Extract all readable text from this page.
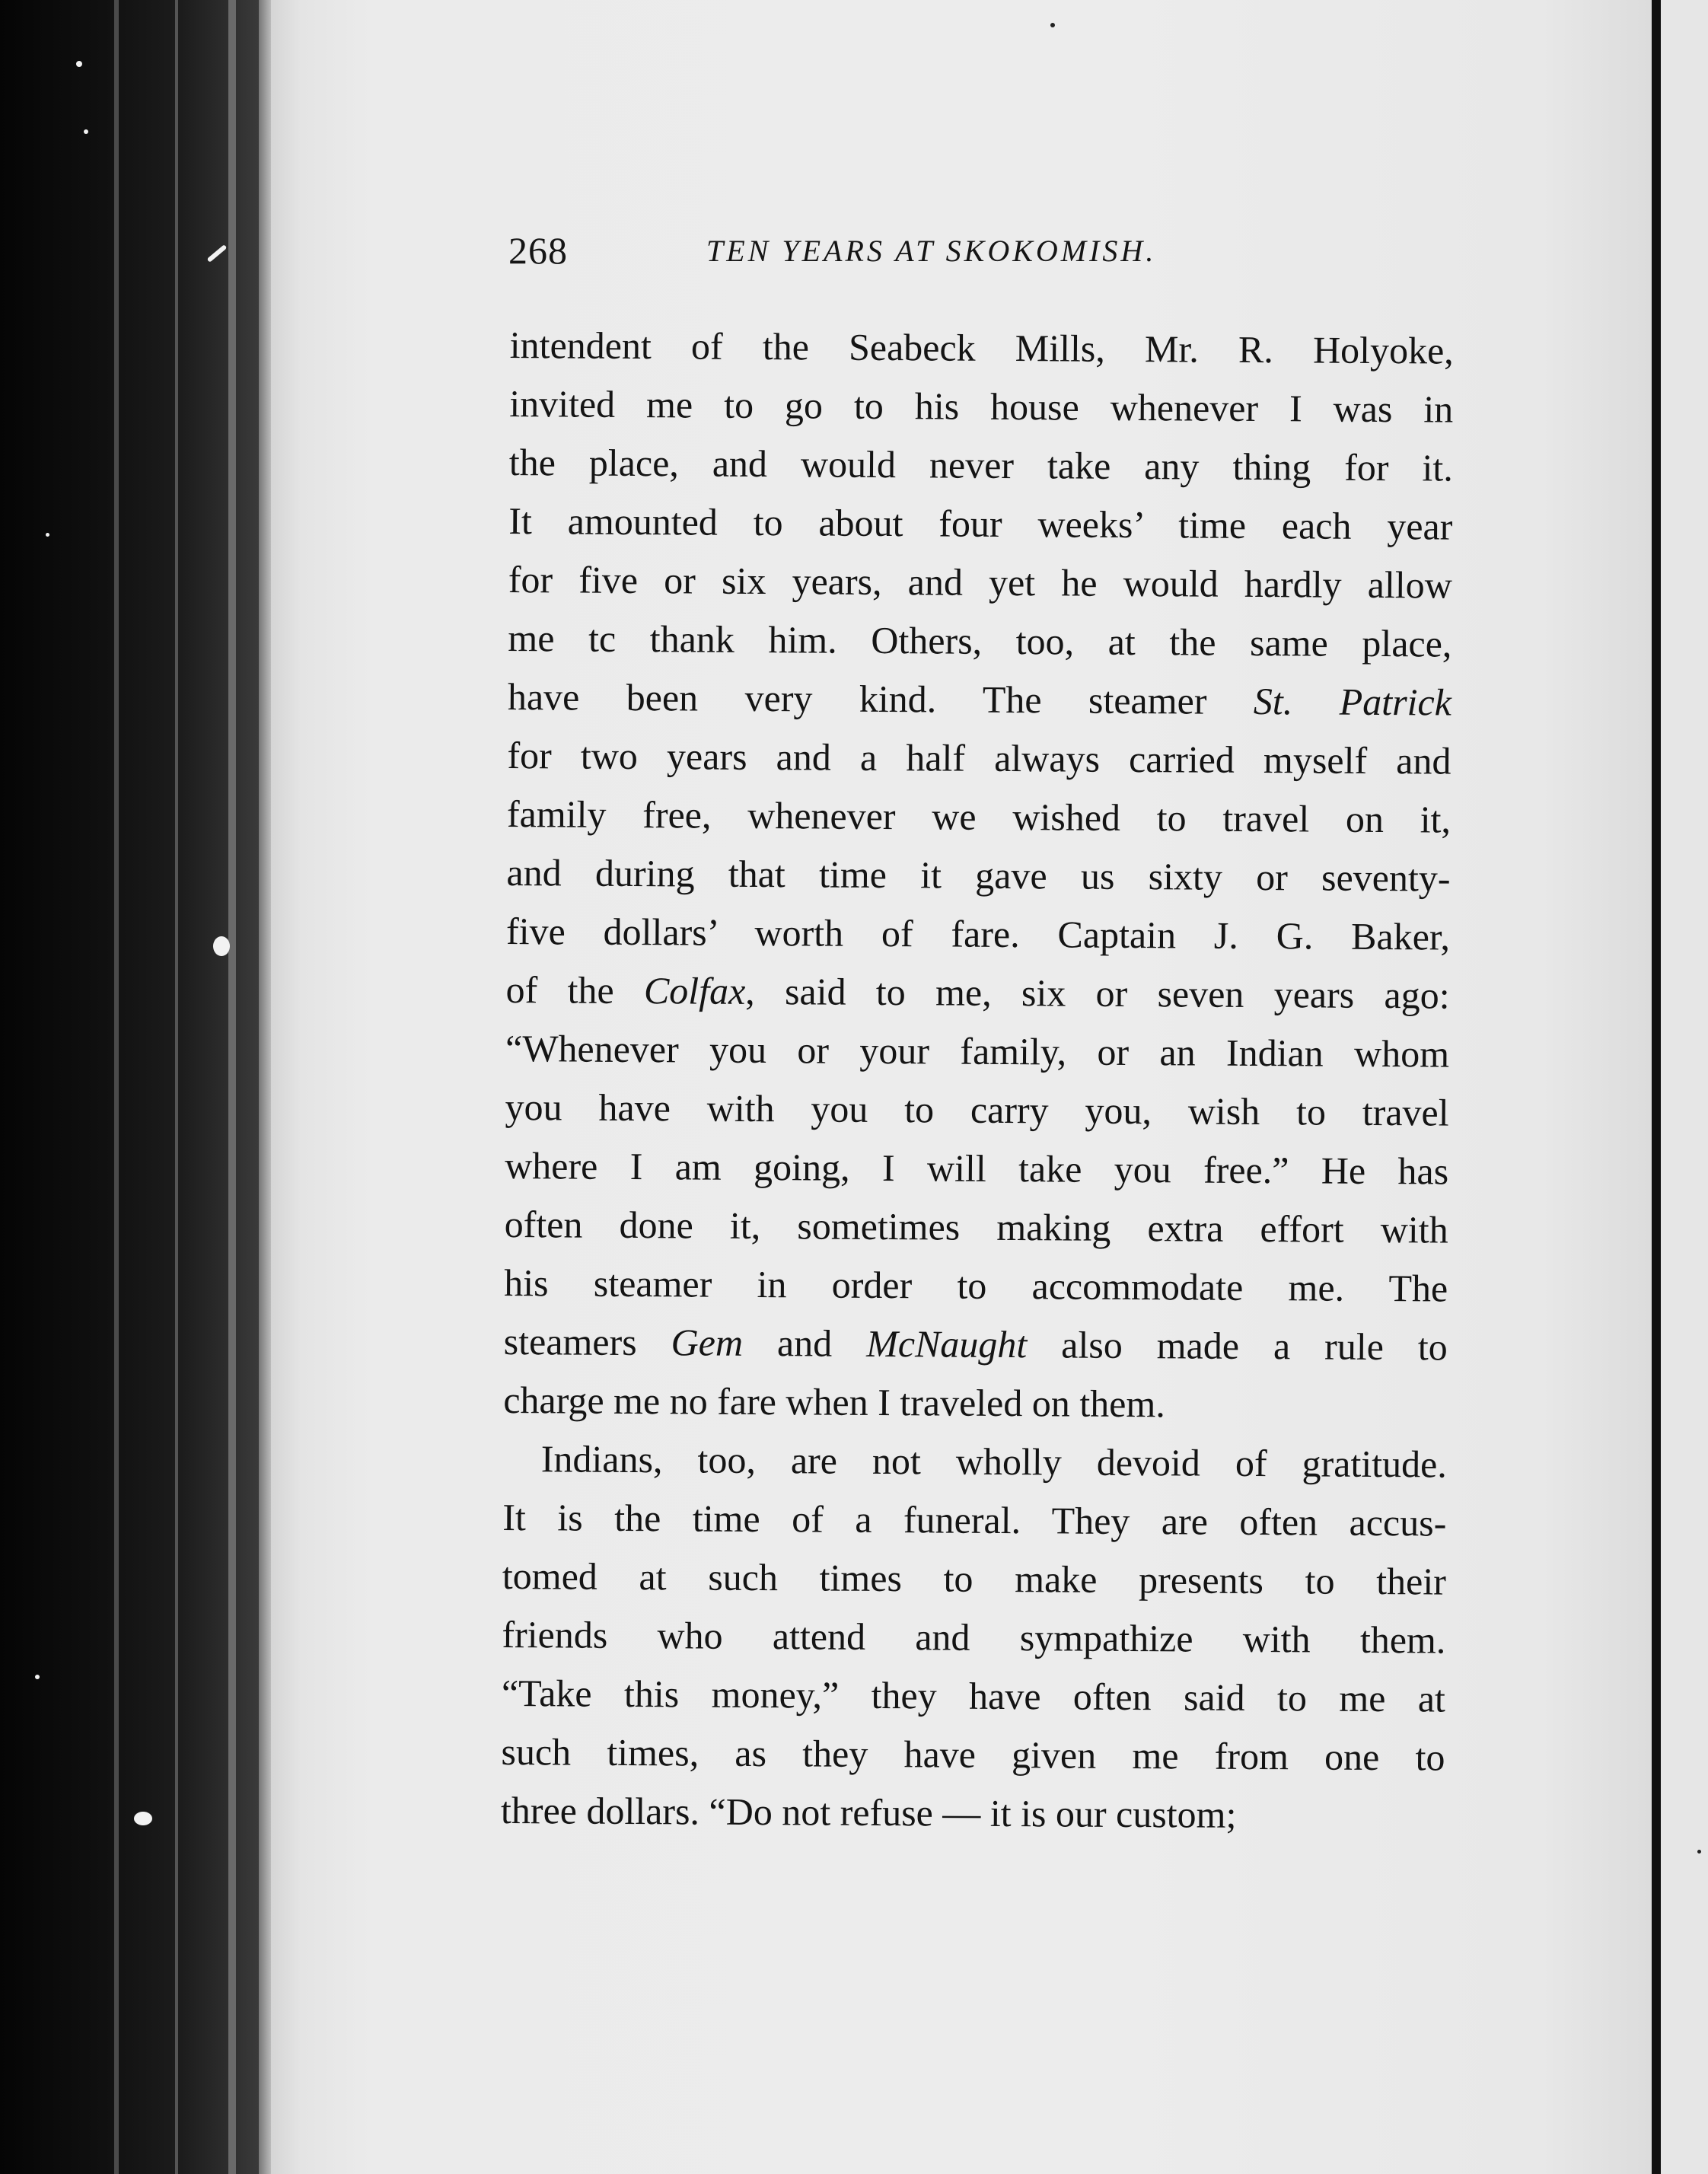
268	TEN YEARS AT SKOKOMISH.
intendent of the Seabeck Mills, Mr. R. Holyoke,
invited me to go to his house whenever I was in
the place, and would never take any thing for it.
It amounted to about four weeks’ time each year
for five or six years, and yet he would hardly allow
me tc thank him. Others, too, at the same place,
have been very kind. The steamer St. Patrick
for two years and a half always carried myself and
family free, whenever we wished to travel on it,
and during that time it gave us sixty or seventy-
five dollars’ worth of fare. Captain J. G. Baker,
of the Colfax, said to me, six or seven years ago:
“Whenever you or your family, or an Indian whom
you have with you to carry you, wish to travel
where I am going, I will take you free.” He has
often done it, sometimes making extra effort with
his steamer in order to accommodate me. The
steamers Gem and McNaught also made a rule to
charge me no fare when I traveled on them.
Indians, too, are not wholly devoid of gratitude.
It is the time of a funeral. They are often accus-
tomed at such times to make presents to their
friends who attend and sympathize with them.
“Take this money,” they have often said to me at
such times, as they have given me from one to
three dollars. “Do not refuse — it is our custom;
